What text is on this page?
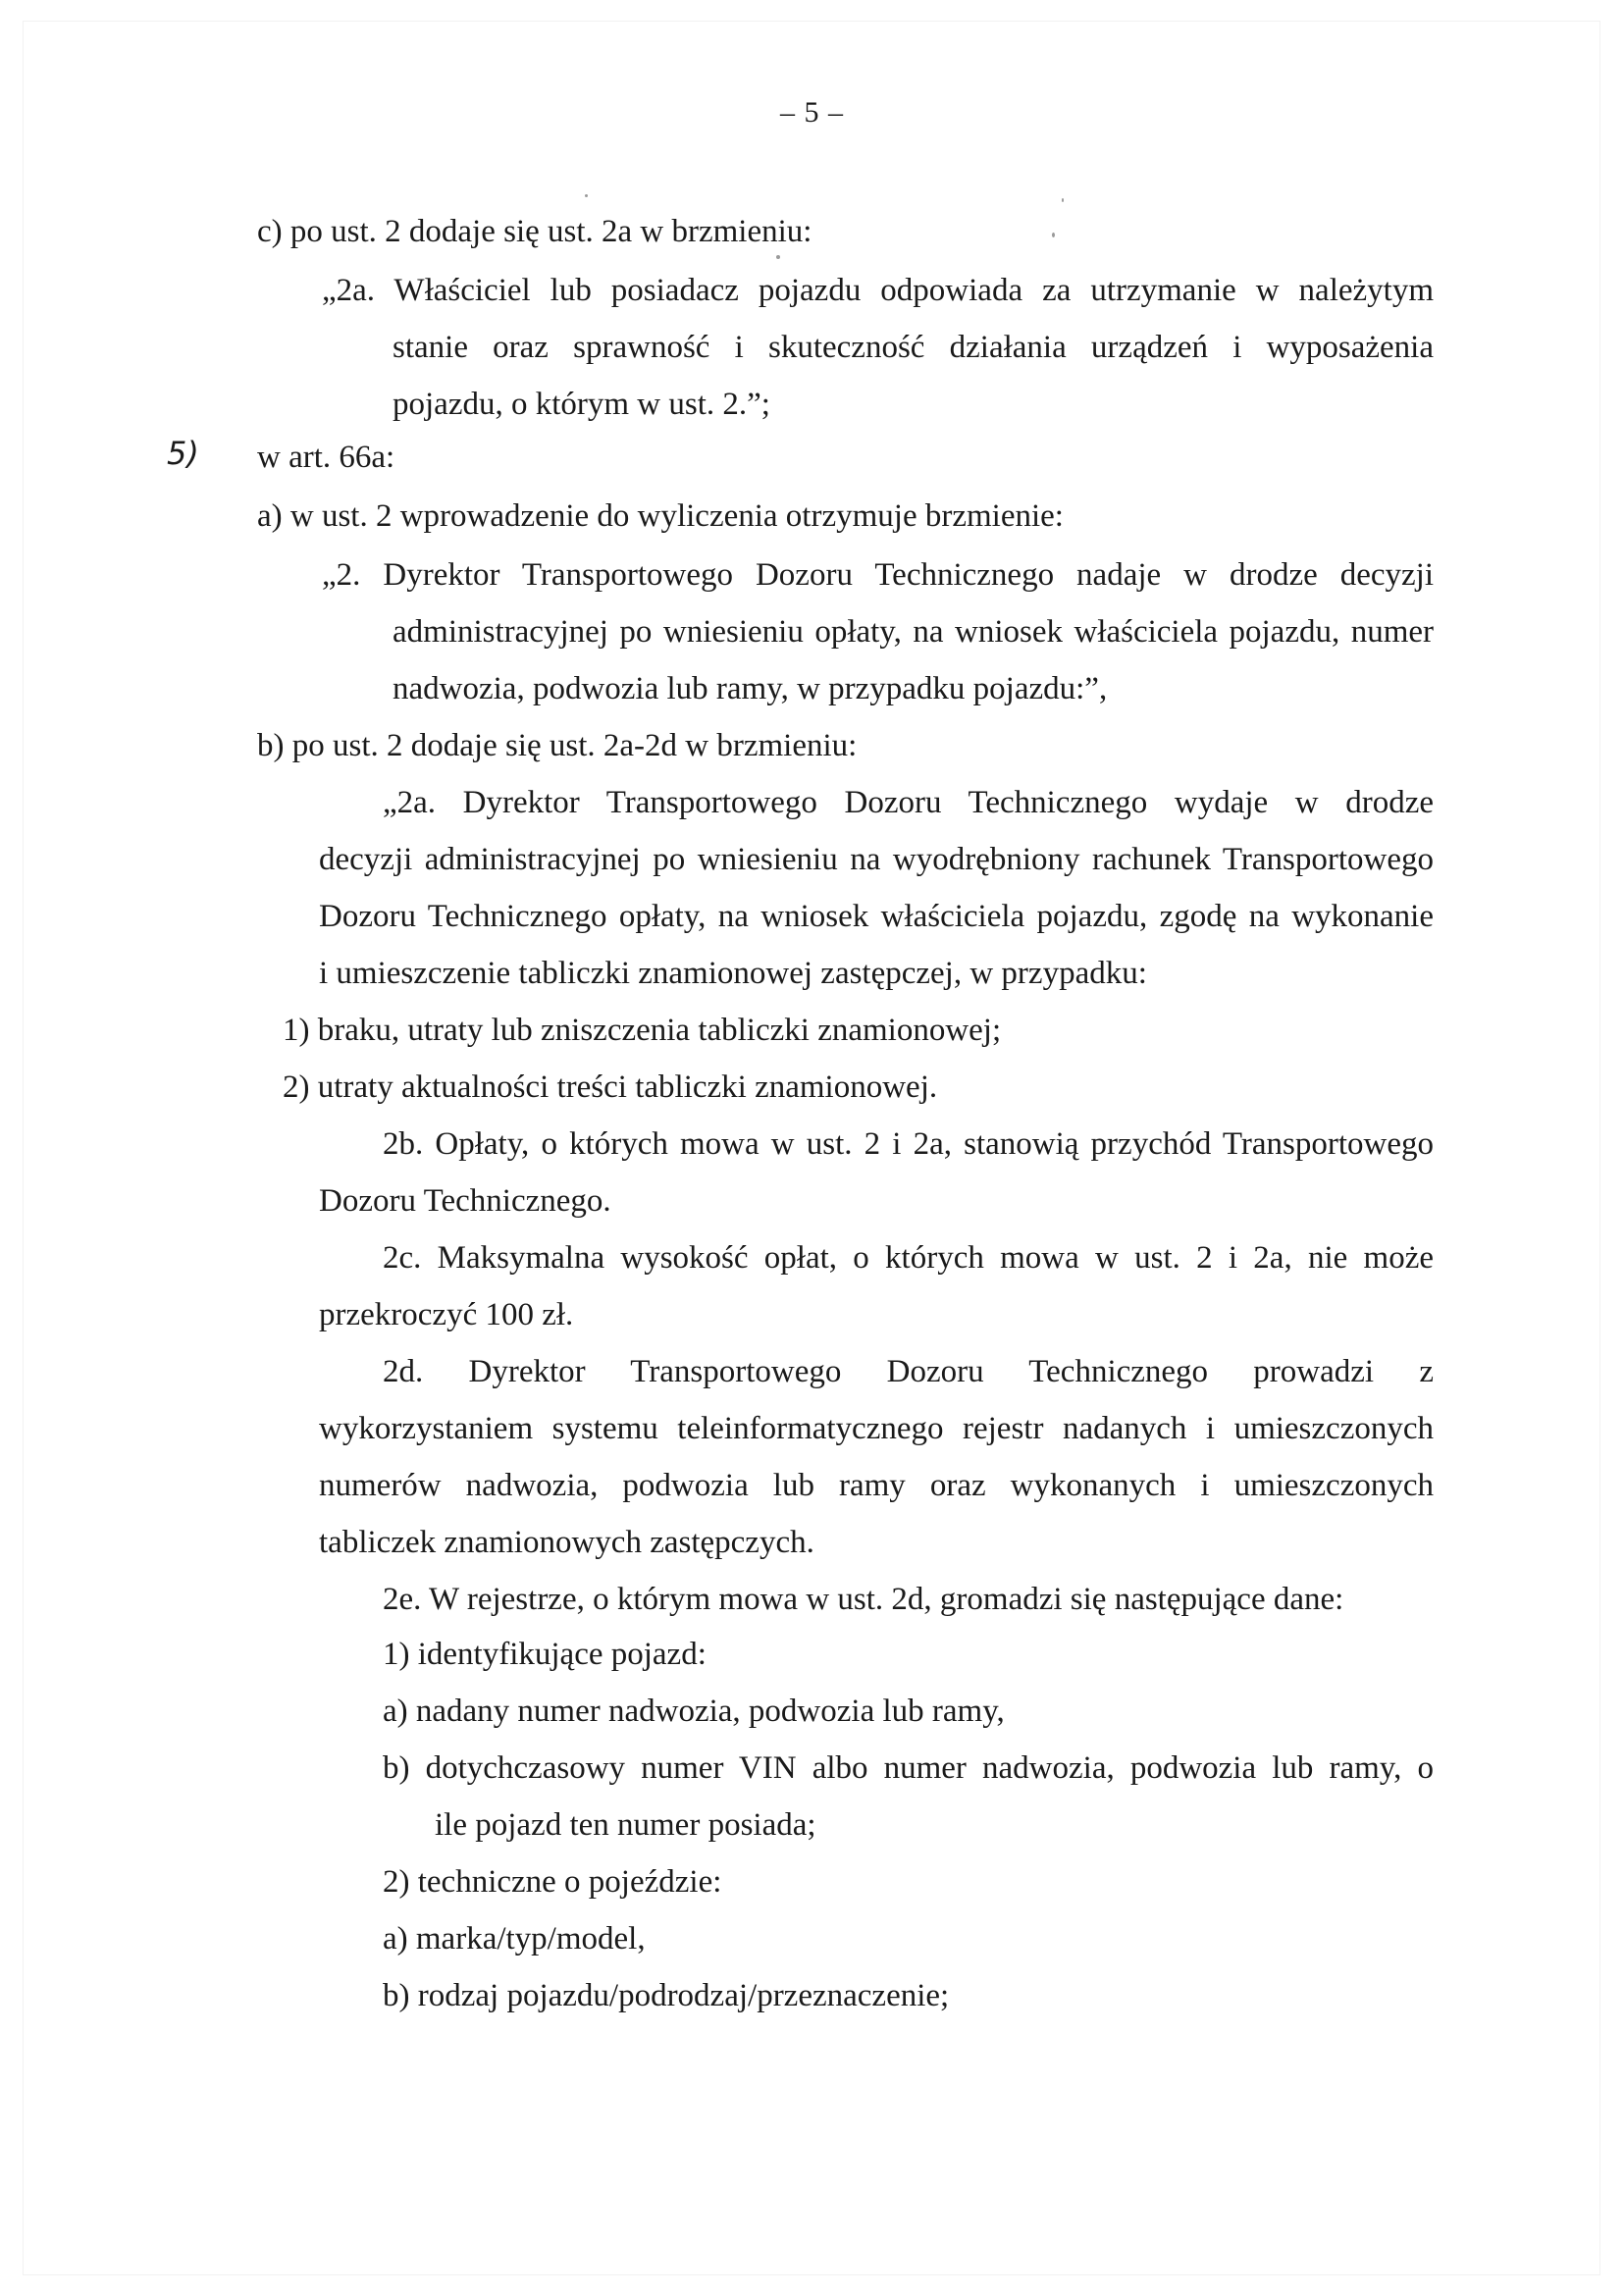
– 5 –
5)
c) po ust. 2 dodaje się ust. 2a w brzmieniu:
„2a. Właściciel lub posiadacz pojazdu odpowiada za utrzymanie w należytym
stanie oraz sprawność i skuteczność działania urządzeń i wyposażenia
pojazdu, o którym w ust. 2.”;
w art. 66a:
a) w ust. 2 wprowadzenie do wyliczenia otrzymuje brzmienie:
„2. Dyrektor Transportowego Dozoru Technicznego nadaje w drodze decyzji
administracyjnej po wniesieniu opłaty, na wniosek właściciela pojazdu, numer
nadwozia, podwozia lub ramy, w przypadku pojazdu:”,
b) po ust. 2 dodaje się ust. 2a-2d w brzmieniu:
„2a. Dyrektor Transportowego Dozoru Technicznego wydaje w drodze
decyzji administracyjnej po wniesieniu na wyodrębniony rachunek Transportowego
Dozoru Technicznego opłaty, na wniosek właściciela pojazdu, zgodę na wykonanie
i umieszczenie tabliczki znamionowej zastępczej, w przypadku:
1) braku, utraty lub zniszczenia tabliczki znamionowej;
2) utraty aktualności treści tabliczki znamionowej.
2b. Opłaty, o których mowa w ust. 2 i 2a, stanowią przychód Transportowego
Dozoru Technicznego.
2c. Maksymalna wysokość opłat, o których mowa w ust. 2 i 2a, nie może
przekroczyć 100 zł.
2d. Dyrektor Transportowego Dozoru Technicznego prowadzi z
wykorzystaniem systemu teleinformatycznego rejestr nadanych i umieszczonych
numerów nadwozia, podwozia lub ramy oraz wykonanych i umieszczonych
tabliczek znamionowych zastępczych.
2e. W rejestrze, o którym mowa w ust. 2d, gromadzi się następujące dane:
1) identyfikujące pojazd:
a) nadany numer nadwozia, podwozia lub ramy,
b) dotychczasowy numer VIN albo numer nadwozia, podwozia lub ramy, o
ile pojazd ten numer posiada;
2) techniczne o pojeździe:
a) marka/typ/model,
b) rodzaj pojazdu/podrodzaj/przeznaczenie;
